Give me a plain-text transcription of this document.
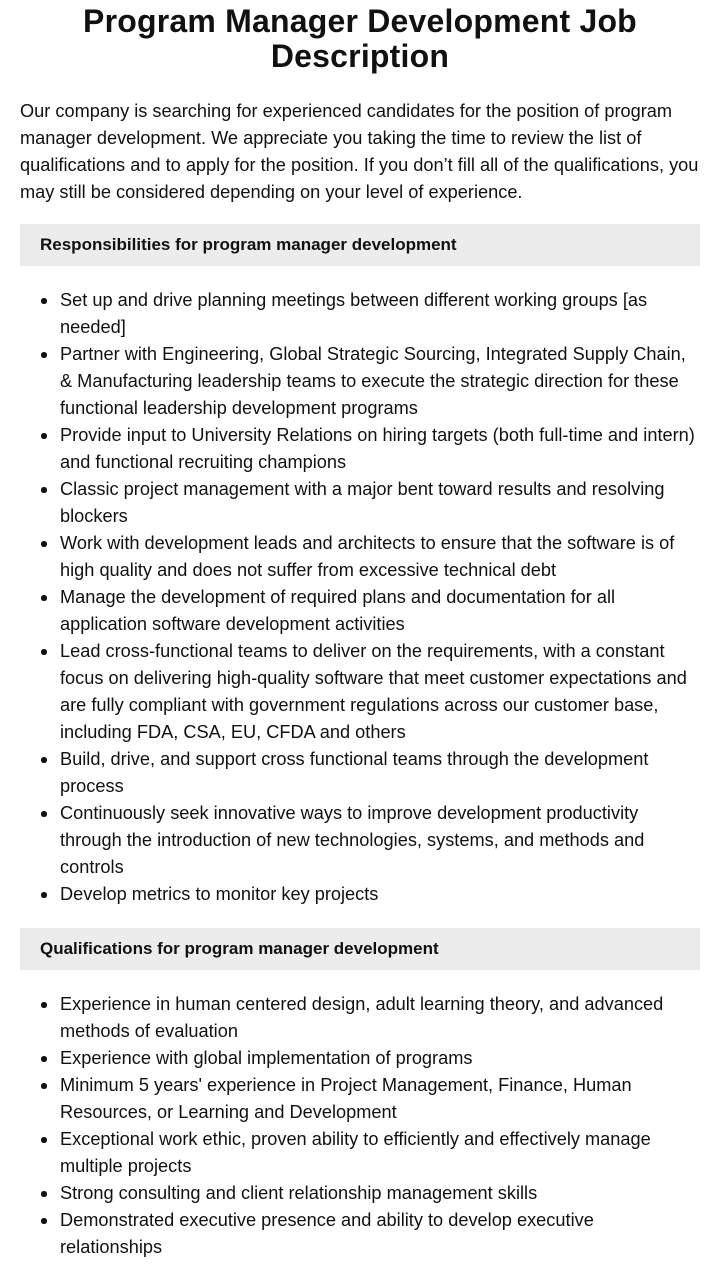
Program Manager Development Job Description

Our company is searching for experienced candidates for the position of program manager development. We appreciate you taking the time to review the list of qualifications and to apply for the position. If you don’t fill all of the qualifications, you may still be considered depending on your level of experience.

Responsibilities for program manager development
Set up and drive planning meetings between different working groups [as needed]
Partner with Engineering, Global Strategic Sourcing, Integrated Supply Chain, & Manufacturing leadership teams to execute the strategic direction for these functional leadership development programs
Provide input to University Relations on hiring targets (both full-time and intern) and functional recruiting champions
Classic project management with a major bent toward results and resolving blockers
Work with development leads and architects to ensure that the software is of high quality and does not suffer from excessive technical debt
Manage the development of required plans and documentation for all application software development activities
Lead cross-functional teams to deliver on the requirements, with a constant focus on delivering high-quality software that meet customer expectations and are fully compliant with government regulations across our customer base, including FDA, CSA, EU, CFDA and others
Build, drive, and support cross functional teams through the development process
Continuously seek innovative ways to improve development productivity through the introduction of new technologies, systems, and methods and controls
Develop metrics to monitor key projects
Qualifications for program manager development
Experience in human centered design, adult learning theory, and advanced methods of evaluation
Experience with global implementation of programs
Minimum 5 years' experience in Project Management, Finance, Human Resources, or Learning and Development
Exceptional work ethic, proven ability to efficiently and effectively manage multiple projects
Strong consulting and client relationship management skills
Demonstrated executive presence and ability to develop executive relationships
